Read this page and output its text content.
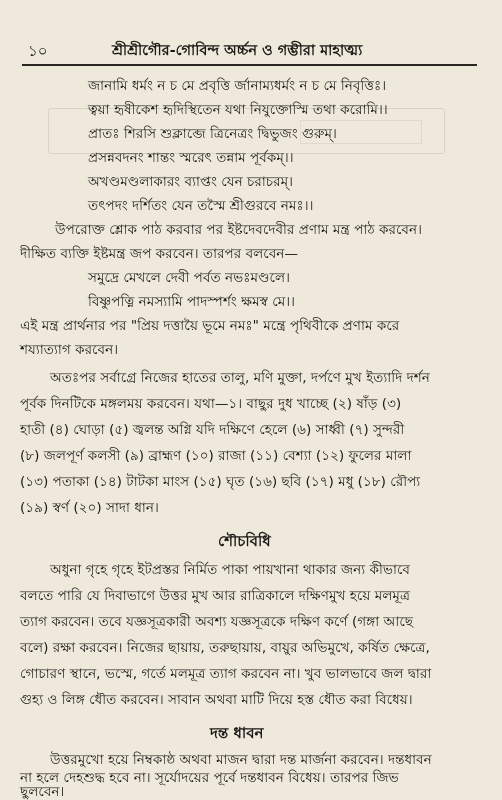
১০	শ্রীশ্রীগৌর-গোবিন্দ অর্চ্চন ও গম্ভীরা মাহাত্ম্য
জানামি ধর্মং ন চ মে প্রবৃত্তি র্জানাম্যধর্মং ন চ মে নিবৃত্তিঃ।
ত্বয়া হৃষীকেশ হৃদিস্থিতেন যথা নিযুক্তোস্মি তথা করোমি।।
প্রাতঃ শিরসি শুক্লাব্জে ত্রিনেত্রং দ্বিভুজং গুরুম্।
প্রসন্নবদনং শান্তং স্মরেৎ তন্নাম পূর্বকম্।।
অখণ্ডমণ্ডলাকারং ব্যাপ্তং যেন চরাচরম্।
তৎপদং দর্শিতং যেন তস্মৈ শ্রীগুরবে নমঃ।।
উপরোক্ত শ্লোক পাঠ করবার পর ইষ্টদেবদেবীর প্রণাম মন্ত্র পাঠ করবেন।
দীক্ষিত ব্যক্তি ইষ্টমন্ত্র জপ করবেন। তারপর বলবেন—
সমুদ্রে মেখলে দেবী পর্বত নভঃমণ্ডলে।
বিষ্ণুপত্নি নমস্যামি পাদস্পর্শং ক্ষমস্ব মে।।
এই মন্ত্র প্রার্থনার পর "প্রিয় দত্তায়ৈ ভূমে নমঃ" মন্ত্রে পৃথিবীকে প্রণাম করে
শয্যাত্যাগ করবেন।
অতঃপর সর্বাগ্রে নিজের হাতের তালু, মণি মুক্তা, দর্পণে মুখ ইত্যাদি দর্শন
পূর্বক দিনটিকে মঙ্গলময় করবেন। যথা—১। বাছুর দুধ খাচ্ছে (২) ষাঁড় (৩)
হাতী (৪) ঘোড়া (৫) জ্বলন্ত অগ্নি যদি দক্ষিণে হেলে (৬) সাধ্বী (৭) সুন্দরী
(৮) জলপূর্ণ কলসী (৯) ব্রাহ্মণ (১০) রাজা (১১) বেশ্যা (১২) ফুলের মালা
(১৩) পতাকা (১৪) টাটকা মাংস (১৫) ঘৃত (১৬) ছবি (১৭) মধু (১৮) রৌপ্য
(১৯) স্বর্ণ (২০) সাদা ধান।
শৌচবিধি
অধুনা গৃহে গৃহে ইটপ্রস্তর নির্মিত পাকা পায়খানা থাকার জন্য কীভাবে
বলতে পারি যে দিবাভাগে উত্তর মুখ আর রাত্রিকালে দক্ষিণমুখ হয়ে মলমূত্র
ত্যাগ করবেন। তবে যজ্ঞসূত্রকারী অবশ্য যজ্ঞসূত্রকে দক্ষিণ কর্ণে (গঙ্গা আছে
বলে) রক্ষা করবেন। নিজের ছায়ায়, তরুছায়ায়, বায়ুর অভিমুখে, কর্ষিত ক্ষেত্রে,
গোচারণ স্থানে, ভস্মে, গর্তে মলমূত্র ত্যাগ করবেন না। খুব ভালভাবে জল দ্বারা
গুহ্য ও লিঙ্গ ধৌত করবেন। সাবান অথবা মাটি দিয়ে হস্ত ধৌত করা বিধেয়।
দন্ত ধাবন
উত্তরমুখো হয়ে নিম্বকাষ্ঠ অথবা মাজন দ্বারা দন্ত মার্জনা করবেন। দন্তধাবন
না হলে দেহশুদ্ধ হবে না। সূর্যোদয়ের পূর্বে দন্তধাবন বিধেয়। তারপর জিভ
ছুলবেন।
